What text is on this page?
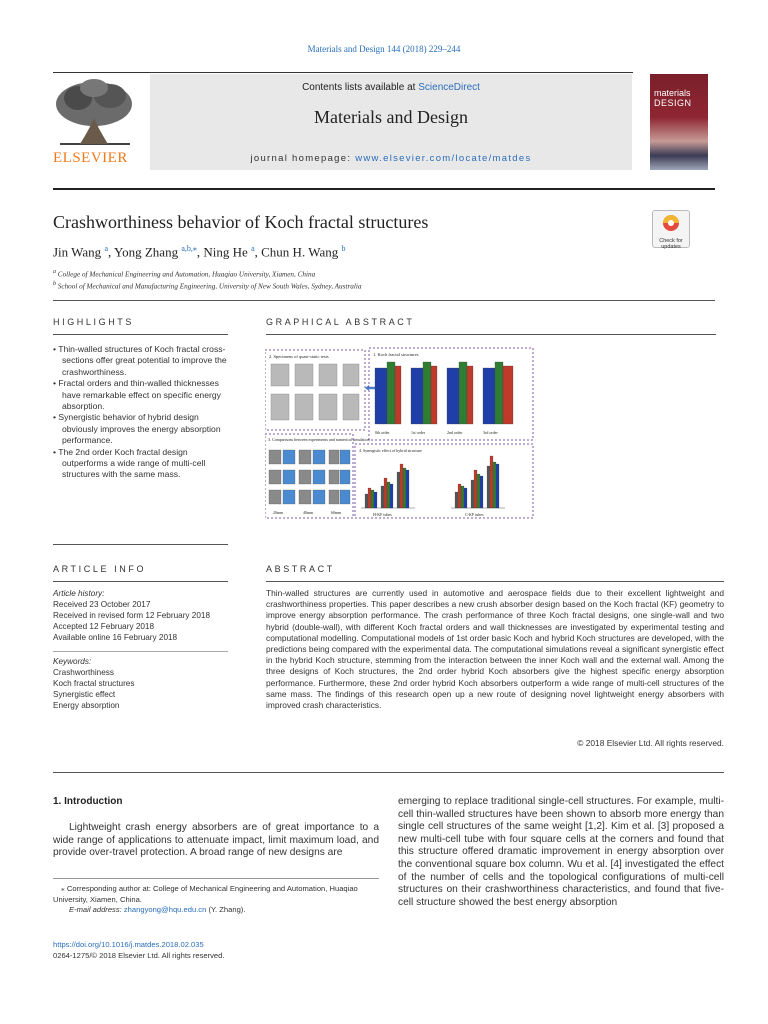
Materials and Design 144 (2018) 229–244
ELSEVIER
Contents lists available at ScienceDirect
Materials and Design
journal homepage: www.elsevier.com/locate/matdes
materials
DESIGN
Crashworthiness behavior of Koch fractal structures
Check for updates
Jin Wang $^a$, Yong Zhang $^{a,b,⁎}$, Ning He $^a$, Chun H. Wang $^b$
$^a$ College of Mechanical Engineering and Automation, Huaqiao University, Xiamen, China
$^b$ School of Mechanical and Manufacturing Engineering, University of New South Wales, Sydney, Australia
HIGHLIGHTS
• Thin-walled structures of Koch fractal cross-sections offer great potential to improve the crashworthiness.
• Fractal orders and thin-walled thicknesses have remarkable effect on specific energy absorption.
• Synergistic behavior of hybrid design obviously improves the energy absorption performance.
• The 2nd order Koch fractal design outperforms a wide range of multi-cell structures with the same mass.
GRAPHICAL ABSTRACT
2. Specimens of quasi-static tests	1. Koch fractal structures
0th order	1st order	2nd order	3rd order
3. Comparisons between experiments and numerical simulation
20mm	40mm	60mm
4. Synergistic effect of hybrid structure
H-KF tubes	C-KF tubes
ARTICLE INFO
Article history:
Received 23 October 2017
Received in revised form 12 February 2018
Accepted 12 February 2018
Available online 16 February 2018
Keywords:
Crashworthiness
Koch fractal structures
Synergistic effect
Energy absorption
ABSTRACT
Thin-walled structures are currently used in automotive and aerospace fields due to their excellent lightweight and crashworthiness properties. This paper describes a new crush absorber design based on the Koch fractal (KF) geometry to improve energy absorption performance. The crash performance of three Koch fractal designs, one single-wall and two hybrid (double-wall), with different Koch fractal orders and wall thicknesses are investigated by experimental testing and computational modelling. Computational models of 1st order basic Koch and hybrid Koch structures are developed, with the predictions being compared with the experimental data. The computational simulations reveal a significant synergistic effect in the hybrid Koch structure, stemming from the interaction between the inner Koch wall and the external wall. Among the three designs of Koch structures, the 2nd order hybrid Koch absorbers give the highest specific energy absorption performance. Furthermore, these 2nd order hybrid Koch absorbers outperform a wide range of multi-cell structures of the same mass. The findings of this research open up a new route of designing novel lightweight energy absorbers with improved crash characteristics.
© 2018 Elsevier Ltd. All rights reserved.
1. Introduction
Lightweight crash energy absorbers are of great importance to a wide range of applications to attenuate impact, limit maximum load, and provide over-travel protection. A broad range of new designs are
emerging to replace traditional single-cell structures. For example, multi-cell thin-walled structures have been shown to absorb more energy than single cell structures of the same weight [1,2]. Kim et al. [3] proposed a new multi-cell tube with four square cells at the corners and found that this structure offered dramatic improvement in energy absorption over the conventional square box column. Wu et al. [4] investigated the effect of the number of cells and the topological configurations of multi-cell structures on their crashworthiness characteristics, and found that five-cell structure showed the best energy absorption
⁎ Corresponding author at: College of Mechanical Engineering and Automation, Huaqiao University, Xiamen, China.
E-mail address: zhangyong@hqu.edu.cn (Y. Zhang).
https://doi.org/10.1016/j.matdes.2018.02.035
0264-1275/© 2018 Elsevier Ltd. All rights reserved.
